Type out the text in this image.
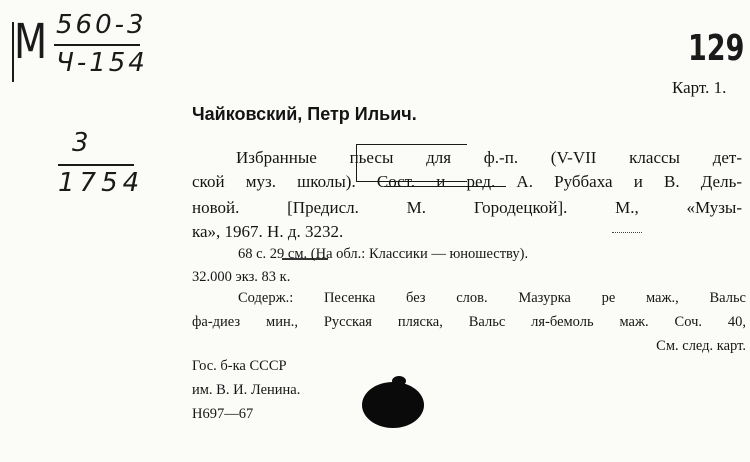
М 560-3
Ч-154
3
1754
129
Карт. 1.
Чайковский, Петр Ильич.
Избранные пьесы для ф.-п. (V-VII классы дет-
ской муз. школы). Сост. и ред. А. Руббаха и В. Дель-
новой. [Предисл. М. Городецкой]. М., «Музы-
ка», 1967. Н. д. 3232.
68 с. 29 см. (На обл.: Классики — юношеству).
32.000 экз. 83 к.
Содерж.: Песенка без слов. Мазурка ре маж., Вальс
фа-диез мин., Русская пляска, Вальс ля-бемоль маж. Соч. 40,
См. след. карт.
Гос. б-ка СССР
им. В. И. Ленина.
Н697—67
